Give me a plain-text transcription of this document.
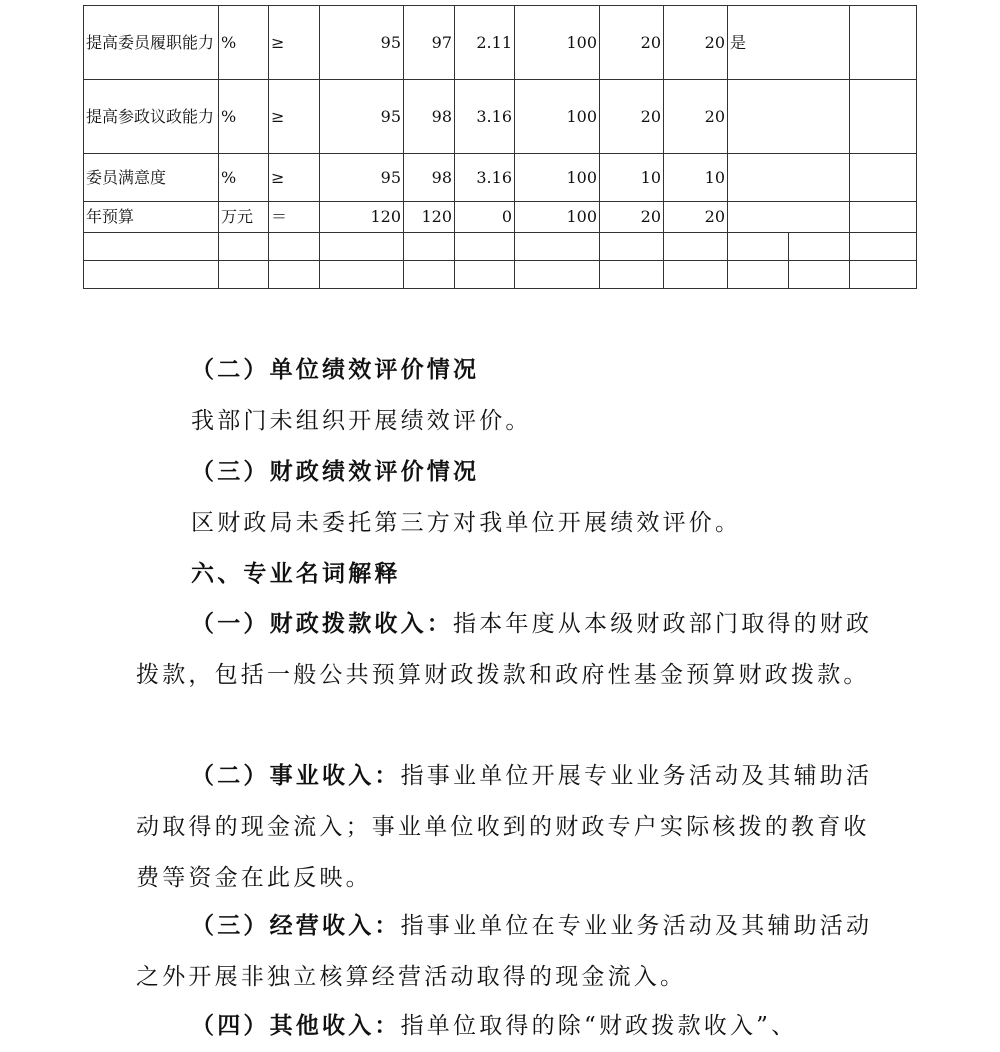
提高委员履职能力	%	≥	95	97	2.11	100	20	20	是		
提高参政议政能力	%	≥	95	98	3.16	100	20	20			
委员满意度	%	≥	95	98	3.16	100	10	10			
年预算	万元	＝	120	120	0	100	20	20			

（二）单位绩效评价情况

我部门未组织开展绩效评价。

（三）财政绩效评价情况

区财政局未委托第三方对我单位开展绩效评价。

六、专业名词解释

（一）财政拨款收入：指本年度从本级财政部门取得的财政拨款，包括一般公共预算财政拨款和政府性基金预算财政拨款。

（二）事业收入：指事业单位开展专业业务活动及其辅助活动取得的现金流入；事业单位收到的财政专户实际核拨的教育收费等资金在此反映。

（三）经营收入：指事业单位在专业业务活动及其辅助活动之外开展非独立核算经营活动取得的现金流入。

（四）其他收入：指单位取得的除“财政拨款收入”、
